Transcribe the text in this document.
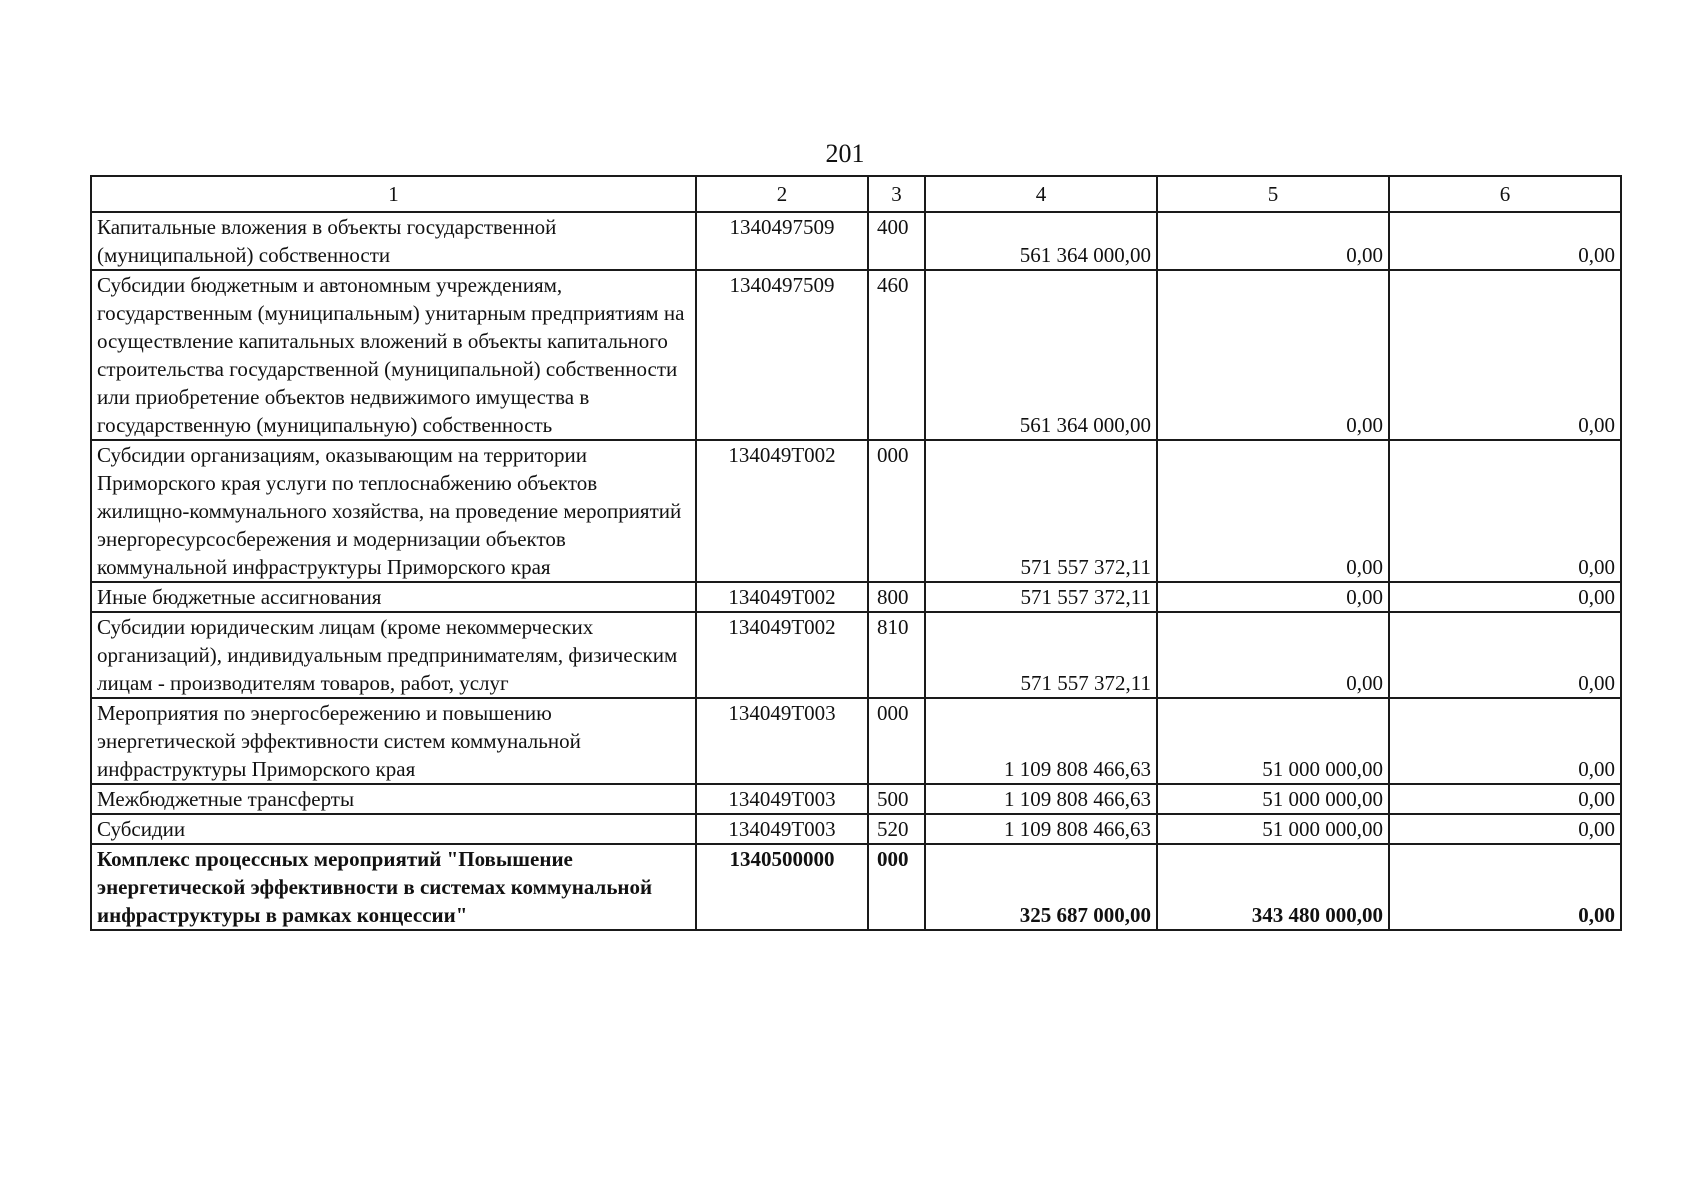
201
1	2	3	4	5	6
Капитальные вложения в объекты государственной (муниципальной) собственности	1340497509	400	561 364 000,00	0,00	0,00
Субсидии бюджетным и автономным учреждениям, государственным (муниципальным) унитарным предприятиям на осуществление капитальных вложений в объекты капитального строительства государственной (муниципальной) собственности или приобретение объектов недвижимого имущества в государственную (муниципальную) собственность	1340497509	460	561 364 000,00	0,00	0,00
Субсидии организациям, оказывающим на территории Приморского края услуги по теплоснабжению объектов жилищно-коммунального хозяйства, на проведение мероприятий энергоресурсосбережения и модернизации объектов коммунальной инфраструктуры Приморского края	134049T002	000	571 557 372,11	0,00	0,00
Иные бюджетные ассигнования	134049T002	800	571 557 372,11	0,00	0,00
Субсидии юридическим лицам (кроме некоммерческих организаций), индивидуальным предпринимателям, физическим лицам - производителям товаров, работ, услуг	134049T002	810	571 557 372,11	0,00	0,00
Мероприятия по энергосбережению и повышению энергетической эффективности систем коммунальной инфраструктуры Приморского края	134049T003	000	1 109 808 466,63	51 000 000,00	0,00
Межбюджетные трансферты	134049T003	500	1 109 808 466,63	51 000 000,00	0,00
Субсидии	134049T003	520	1 109 808 466,63	51 000 000,00	0,00
Комплекс процессных мероприятий "Повышение энергетической эффективности в системах коммунальной инфраструктуры в рамках концессии"	1340500000	000	325 687 000,00	343 480 000,00	0,00
